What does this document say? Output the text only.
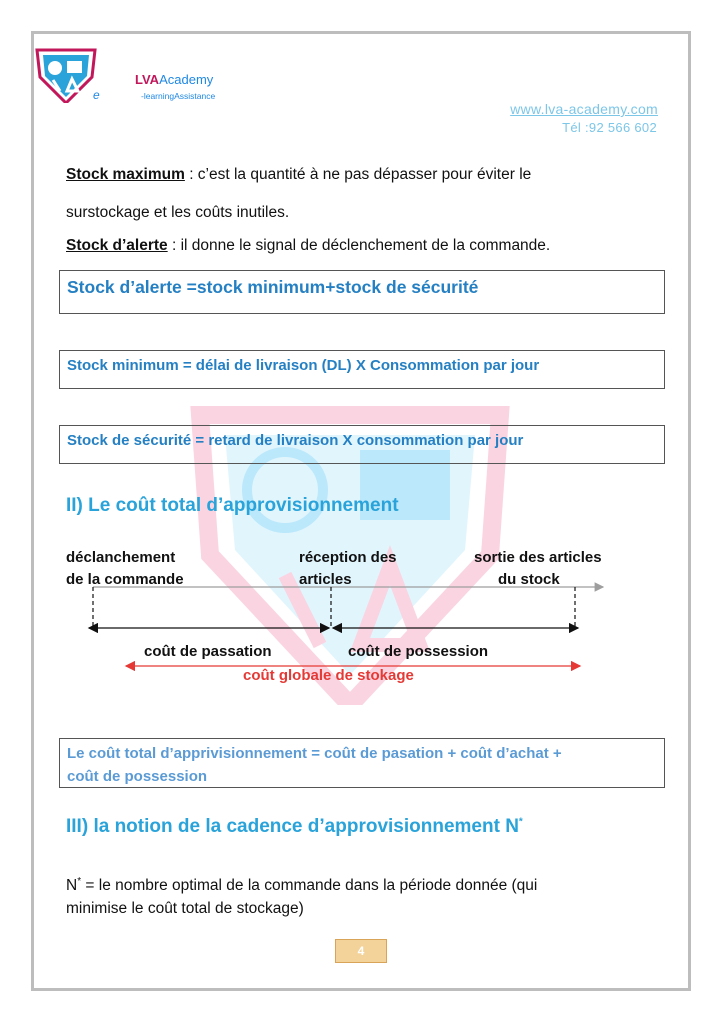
LVAAcademy
-learningAssistance
e
www.lva-academy.com
Tél :92 566 602
Stock maximum : c’est la quantité à ne pas dépasser pour éviter le
surstockage et les coûts inutiles.
Stock d’alerte : il donne le signal de déclenchement de la commande.
Stock d’alerte =stock minimum+stock de sécurité
Stock minimum = délai de livraison (DL) X Consommation par jour
Stock de sécurité = retard de livraison X consommation par jour
II) Le coût total d’approvisionnement
déclanchement
de la commande
réception des
articles
sortie des articles
du stock
coût de passation	coût de possession
coût globale de stokage
Le coût total d’apprivisionnement = coût de pasation + coût d’achat +
coût de possession
III) la notion de la cadence d’approvisionnement N*
N* = le nombre optimal de la commande dans la période donnée (qui
minimise le coût total de stockage)
4
